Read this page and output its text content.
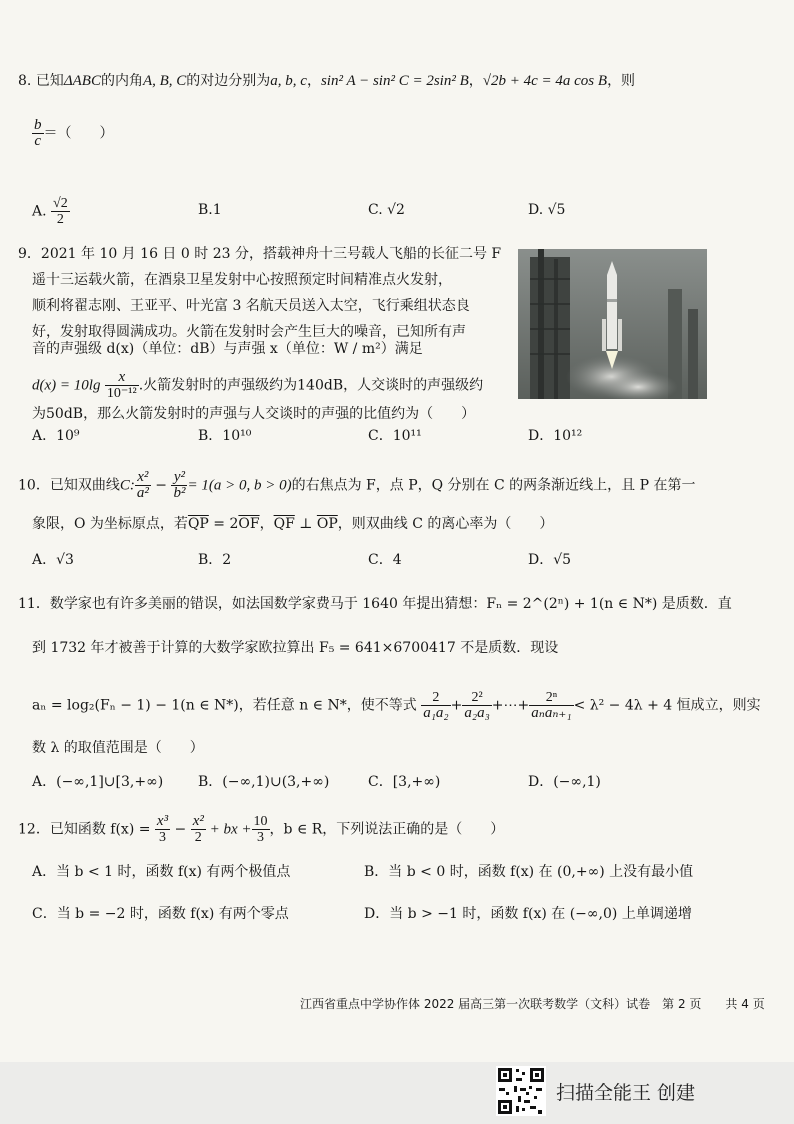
8. 已知ΔABC的内角A, B, C的对边分别为a, b, c，sin² A − sin² C = 2sin² B，√2b + 4c = 4a cos B，则
$\frac{b}{c}$ ＝（　　）
A. $\frac{√2}{2}$	B.1	C. √2	D. √5
9．2021 年 10 月 16 日 0 时 23 分，搭载神舟十三号载人飞船的长征二号 F
遥十三运载火箭，在酒泉卫星发射中心按照预定时间精准点火发射，
顺利将翟志刚、王亚平、叶光富 3 名航天员送入太空，飞行乘组状态良
好，发射取得圆满成功。火箭在发射时会产生巨大的噪音，已知所有声
音的声强级 d(x)（单位：dB）与声强 x（单位：W / m²）满足
$d(x) = 10\lg \frac{x}{\text{10⁻¹²}}$ .火箭发射时的声强级约为140dB，人交谈时的声强级约
为50dB，那么火箭发射时的声强与人交谈时的声强的比值约为（　　）
A．10⁹	B．10¹⁰	C．10¹¹	D．10¹²
10．已知双曲线C: $\frac{\text{x²}}{\text{a²}} - \frac{\text{y²}}{\text{b²}} = 1(a > 0$, b > 0)的右焦点为 F，点 P，Q 分别在 C 的两条渐近线上，且 P 在第一
象限，O 为坐标原点，若$\overline{QP} = 2\overline{OF}$，$\overline{QF}$ ⊥ $\overline{OP}$，则双曲线 C 的离心率为（　　）
A．√3	B．2	C．4	D．√5
11．数学家也有许多美丽的错误，如法国数学家费马于 1640 年提出猜想：Fₙ = 2^(2ⁿ) + 1(n ∈ N*) 是质数．直
到 1732 年才被善于计算的大数学家欧拉算出 F₅ = 641×6700417 不是质数．现设
aₙ = log₂(Fₙ − 1) − 1(n ∈ N*)，若任意 n ∈ N*，使不等式 $\frac{2}{\text{a₁a₂}} + \frac{\text{2²}}{\text{a₂a₃}}$ +⋯+ $\frac{\text{2ⁿ}}{\text{aₙaₙ₊₁}} < \lambda^2 - 4\lambda + 4$ 恒成立，则实
数 λ 的取值范围是（　　）
A．(−∞,1]∪[3,+∞) B．(−∞,1)∪(3,+∞)	C．[3,+∞)	D．(−∞,1)
12．已知函数 $f(x) = \frac{\text{x³}}{3} - \frac{\text{x²}}{2}$ + bx + $\frac{10}{3}$ ，b ∈ R，下列说法正确的是（　　）
A．当 b < 1 时，函数 f(x) 有两个极值点	B．当 b < 0 时，函数 f(x) 在 (0,+∞) 上没有最小值
C．当 b = −2 时，函数 f(x) 有两个零点	D．当 b > −1 时，函数 f(x) 在 (−∞,0) 上单调递增
江西省重点中学协作体 2022 届高三第一次联考数学（文科）试卷　第 2 页　　共 4 页
扫描全能王 创建
